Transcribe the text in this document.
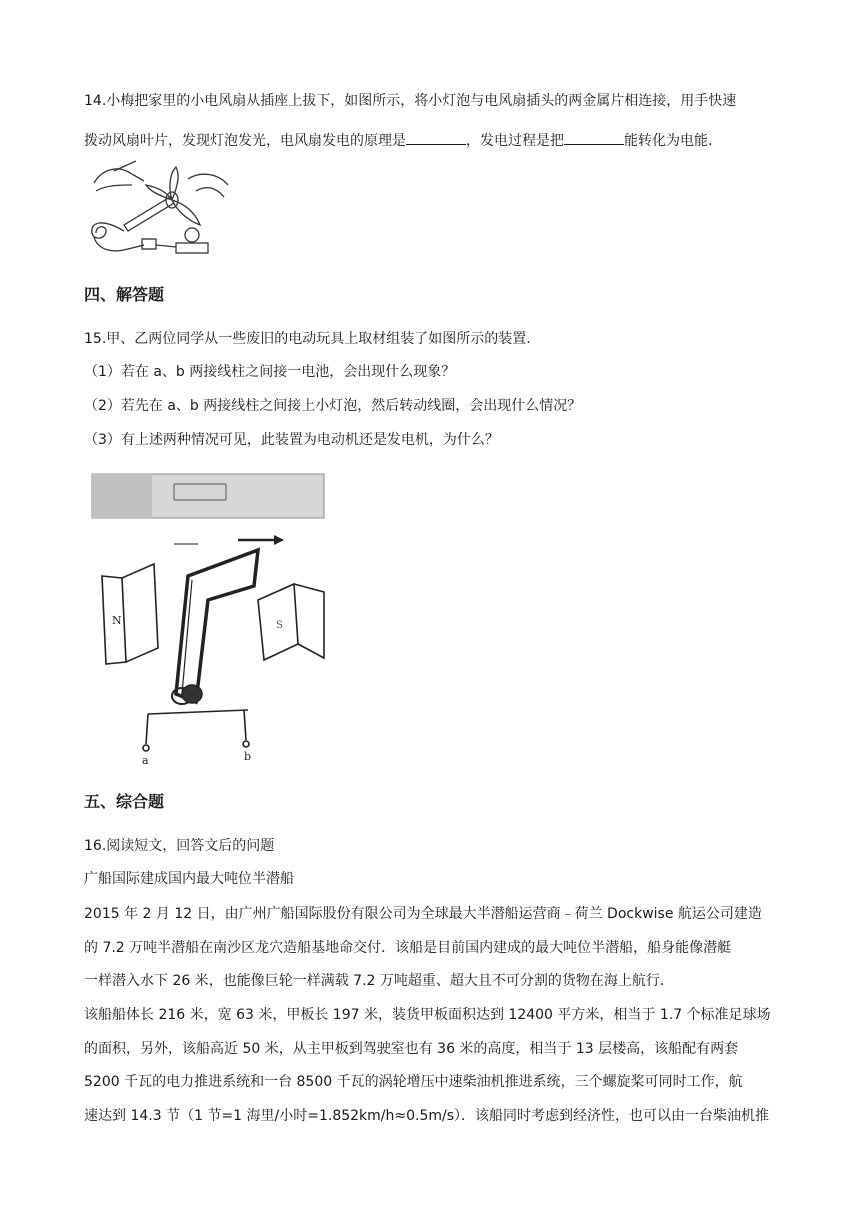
14.小梅把家里的小电风扇从插座上拔下，如图所示，将小灯泡与电风扇插头的两金属片相连接，用手快速
拨动风扇叶片，发现灯泡发光，电风扇发电的原理是	，发电过程是把	能转化为电能.
四、解答题
15.甲、乙两位同学从一些废旧的电动玩具上取材组装了如图所示的装置.
（1）若在 a、b 两接线柱之间接一电池，会出现什么现象？
（2）若先在 a、b 两接线柱之间接上小灯泡，然后转动线圈，会出现什么情况？
（3）有上述两种情况可见，此装置为电动机还是发电机，为什么？
N	S
a	b
五、综合题
16.阅读短文，回答文后的问题
广船国际建成国内最大吨位半潜船
2015 年 2 月 12 日，由广州广船国际股份有限公司为全球最大半潜船运营商﹣荷兰 Dockwise 航运公司建造
的 7.2 万吨半潜船在南沙区龙穴造船基地命交付．该船是目前国内建成的最大吨位半潜船，船身能像潜艇
一样潜入水下 26 米，也能像巨轮一样满载 7.2 万吨超重、超大且不可分割的货物在海上航行.
该船船体长 216 米，宽 63 米，甲板长 197 米，装货甲板面积达到 12400 平方米，相当于 1.7 个标准足球场
的面积，另外，该船高近 50 米，从主甲板到驾驶室也有 36 米的高度，相当于 13 层楼高，该船配有两套
5200 千瓦的电力推进系统和一台 8500 千瓦的涡轮增压中速柴油机推进系统，三个螺旋桨可同时工作，航
速达到 14.3 节（1 节=1 海里/小时=1.852km/h≈0.5m/s）．该船同时考虑到经济性，也可以由一台柴油机推
